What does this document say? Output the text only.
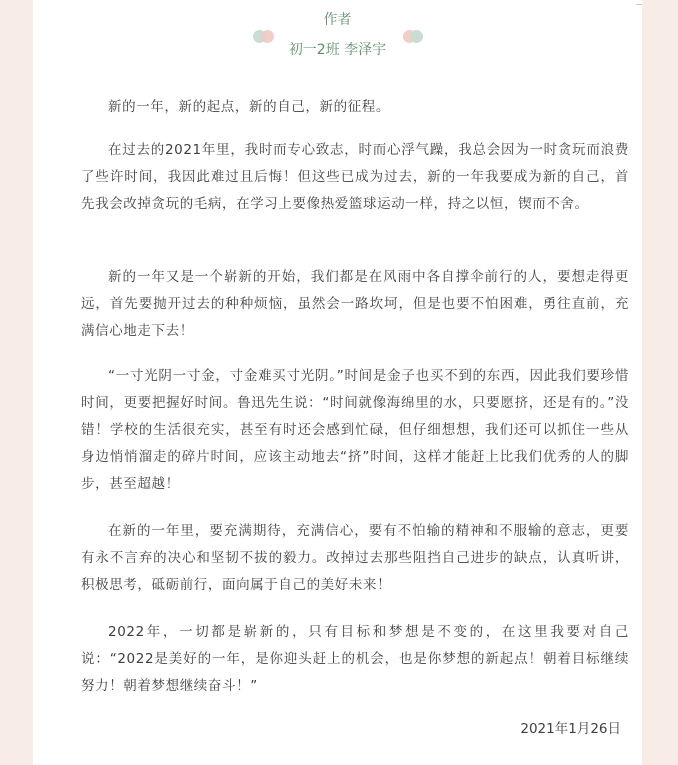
作者
初一2班 李泽宇

新的一年，新的起点，新的自己，新的征程。

在过去的2021年里，我时而专心致志，时而心浮气躁，我总会因为一时贪玩而浪费了些许时间，我因此难过且后悔！但这些已成为过去，新的一年我要成为新的自己，首先我会改掉贪玩的毛病，在学习上要像热爱篮球运动一样，持之以恒，锲而不舍。

新的一年又是一个崭新的开始，我们都是在风雨中各自撑伞前行的人，要想走得更远，首先要抛开过去的种种烦恼，虽然会一路坎坷，但是也要不怕困难，勇往直前，充满信心地走下去！

“一寸光阴一寸金，寸金难买寸光阴。”时间是金子也买不到的东西，因此我们要珍惜时间，更要把握好时间。鲁迅先生说：“时间就像海绵里的水，只要愿挤，还是有的。”没错！学校的生活很充实，甚至有时还会感到忙碌，但仔细想想，我们还可以抓住一些从身边悄悄溜走的碎片时间，应该主动地去“挤”时间，这样才能赶上比我们优秀的人的脚步，甚至超越！

在新的一年里，要充满期待，充满信心，要有不怕输的精神和不服输的意志，更要有永不言弃的决心和坚韧不拔的毅力。改掉过去那些阻挡自己进步的缺点，认真听讲，积极思考，砥砺前行，面向属于自己的美好未来！

2022年，一切都是崭新的，只有目标和梦想是不变的，在这里我要对自己说：“2022是美好的一年，是你迎头赶上的机会，也是你梦想的新起点！朝着目标继续努力！朝着梦想继续奋斗！”

2021年1月26日
